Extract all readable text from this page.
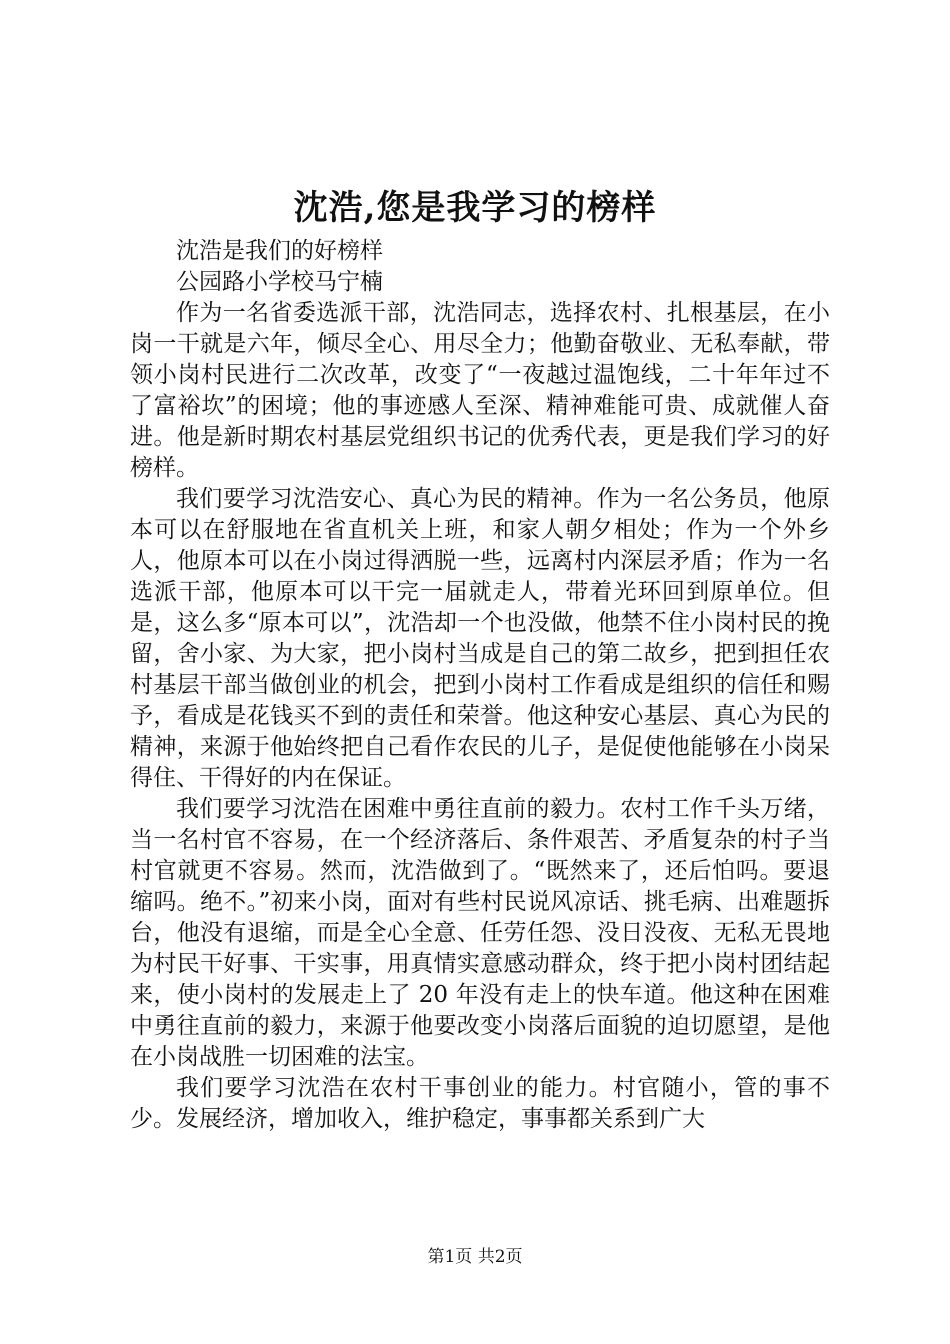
沈浩,您是我学习的榜样

沈浩是我们的好榜样

公园路小学校马宁楠

作为一名省委选派干部，沈浩同志，选择农村、扎根基层，在小岗一干就是六年，倾尽全心、用尽全力；他勤奋敬业、无私奉献，带领小岗村民进行二次改革，改变了“一夜越过温饱线，二十年年过不了富裕坎”的困境；他的事迹感人至深、精神难能可贵、成就催人奋进。他是新时期农村基层党组织书记的优秀代表，更是我们学习的好榜样。

我们要学习沈浩安心、真心为民的精神。作为一名公务员，他原本可以在舒服地在省直机关上班，和家人朝夕相处；作为一个外乡人，他原本可以在小岗过得洒脱一些，远离村内深层矛盾；作为一名选派干部，他原本可以干完一届就走人，带着光环回到原单位。但是，这么多“原本可以”，沈浩却一个也没做，他禁不住小岗村民的挽留，舍小家、为大家，把小岗村当成是自己的第二故乡，把到担任农村基层干部当做创业的机会，把到小岗村工作看成是组织的信任和赐予，看成是花钱买不到的责任和荣誉。他这种安心基层、真心为民的精神，来源于他始终把自己看作农民的儿子，是促使他能够在小岗呆得住、干得好的内在保证。

我们要学习沈浩在困难中勇往直前的毅力。农村工作千头万绪，当一名村官不容易，在一个经济落后、条件艰苦、矛盾复杂的村子当村官就更不容易。然而，沈浩做到了。“既然来了，还后怕吗。要退缩吗。绝不。”初来小岗，面对有些村民说风凉话、挑毛病、出难题拆台，他没有退缩，而是全心全意、任劳任怨、没日没夜、无私无畏地为村民干好事、干实事，用真情实意感动群众，终于把小岗村团结起来，使小岗村的发展走上了 20 年没有走上的快车道。他这种在困难中勇往直前的毅力，来源于他要改变小岗落后面貌的迫切愿望，是他在小岗战胜一切困难的法宝。

我们要学习沈浩在农村干事创业的能力。村官随小，管的事不少。发展经济，增加收入，维护稳定，事事都关系到广大

第1页 共2页
